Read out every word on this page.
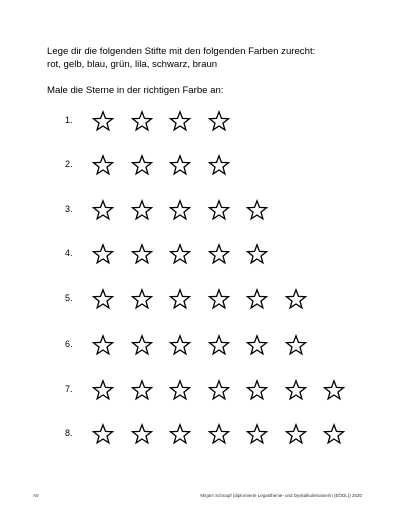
Lege dir die folgenden Stifte mit den folgenden Farben zurecht:
rot, gelb, blau, grün, lila, schwarz, braun
Male die Sterne in der richtigen Farbe an:
1.
2.
3.
4.
5.
6.
7.
8.
A0	Mirjam Schnapf (diplomierte Legasthenie- und Dyskalkulietrainerin (EÖDL)) 2020
